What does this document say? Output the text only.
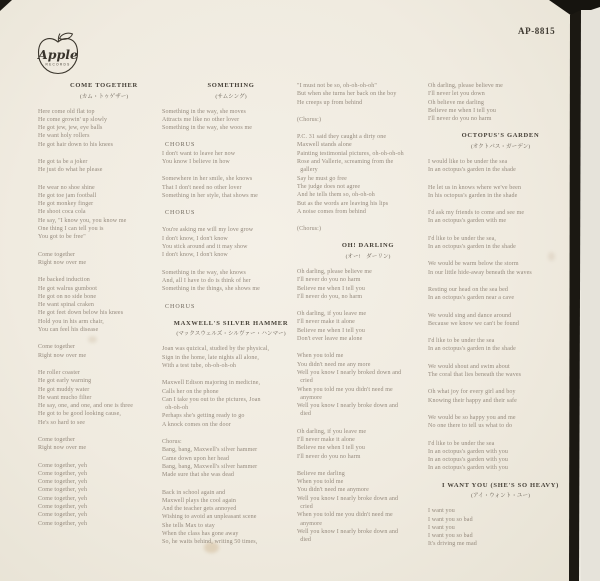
Apple
RECORDS
AP-8815
COME TOGETHER
(カム・トゥゲザー)
Here come old flat top
He come growin' up slowly
He got jew, jew, eye balls
He want holy rollers
He got hair down to his knees
He got ta be a joker
He just do what he please
He wear no shoe shine
He got toe jam football
He got monkey finger
He shoot coca cola
He say, "I know you, you know me
One thing I can tell you is
You got to be free"
Come together
Right now over me
He backed induction
He got walrus gumboot
He got on no side bone
He want spinal craken
He got feet down below his knees
Hold you in his arm chair,
You can feel his disease
Come together
Right now over me
He roller coaster
He got early warning
He got muddy water
He want mucho filter
He say, one, and one, and one is three
He got to be good looking cause,
He's so hard to see
Come together
Right now over me
Come together, yeh
Come together, yeh
Come together, yeh
Come together, yeh
Come together, yeh
Come together, yeh
Come together, yeh
Come together, yeh
SOMETHING
(サムシング)
Something in the way, she moves
Attracts me like no other lover
Something in the way, she woos me
CHORUS
I don't want to leave her now
You know I believe in how
Somewhere in her smile, she knows
That I don't need no other lover
Something in her style, that shows me
CHORUS
You're asking me will my love grow
I don't know, I don't know
You stick around and it may show
I don't know, I don't know
Something in the way, she knows
And, all I have to do is think of her
Something in the things, she shows me
CHORUS
MAXWELL'S SILVER HAMMER
(マックスウェルズ・シルヴァー・ハンマー)
Joan was quizical, studied by the physical,
Sign in the home, late nights all alone,
With a test tube, oh-oh-oh-oh
Maxwell Edison majoring in medicine,
Calls her on the phone
Can I take you out to the pictures, Joan
oh-oh-oh
Perhaps she's getting ready to go
A knock comes on the door
Chorus:
Bang, bang, Maxwell's silver hammer
Came down upon her head
Bang, bang, Maxwell's silver hammer
Made sure that she was dead
Back in school again and
Maxwell plays the cool again
And the teacher gets annoyed
Wishing to avoid an unpleasant scene
She tells Max to stay
When the class has gone away
So, he waits behind, writing 50 times,
"I must not be so, oh-oh-oh-oh"
But when she turns her back on the boy
He creeps up from behind
(Chorus:)
P.C. 31 said they caught a dirty one
Maxwell stands alone
Painting testimonial pictures, oh-oh-oh-oh
Rose and Vallerie, screaming from the
gallery
Say he must go free
The judge does not agree
And he tells them so, oh-oh-oh
But as the words are leaving his lips
A noise comes from behind
(Chorus:)
OH! DARLING
(オー!　ダーリン)
Oh darling, please believe me
I'll never do you no harm
Believe me when I tell you
I'll never do you, no harm
Oh darling, if you leave me
I'll never make it alone
Believe me when I tell you
Don't ever leave me alone
When you told me
You didn't need me any more
Well you know I nearly broked down and
cried
When you told me you didn't need me
anymore
Well you know I nearly broke down and
died
Oh darling, if you leave me
I'll never make it alone
Believe me when I tell you
I'll never do you no harm
Believe me darling
When you told me
You didn't need me anymore
Well you know I nearly broke down and
cried
When you told me you didn't need me
anymore
Well you know I nearly broke down and
died
Oh darling, please believe me
I'll never let you down
Oh believe me darling
Believe me when I tell you
I'll never do you no harm
OCTOPUS'S GARDEN
(オクトパス・ガーデン)
I would like to be under the sea
In an octopus's garden in the shade
He let us in knows where we've been
In his octopus's garden in the shade
I'd ask my friends to come and see me
In an octopus's garden with me
I'd like to be under the sea,
In an octopus's garden in the shade
We would be warm below the storm
In our little hide-away beneath the waves
Resting our head on the sea bed
In an octopus's garden near a cave
We would sing and dance around
Because we know we can't be found
I'd like to be under the sea
In an octopus's garden in the shade
We would shout and swim about
The coral that lies beneath the waves
Oh what joy for every girl and boy
Knowing their happy and their safe
We would be so happy you and me
No one there to tell us what to do
I'd like to be under the sea
In an octopus's garden with you
In an octopus's garden with you
In an octopus's garden with you
I WANT YOU (SHE'S SO HEAVY)
(アイ・ウォント・ユー)
I want you
I want you so bad
I want you
I want you so bad
It's driving me mad
